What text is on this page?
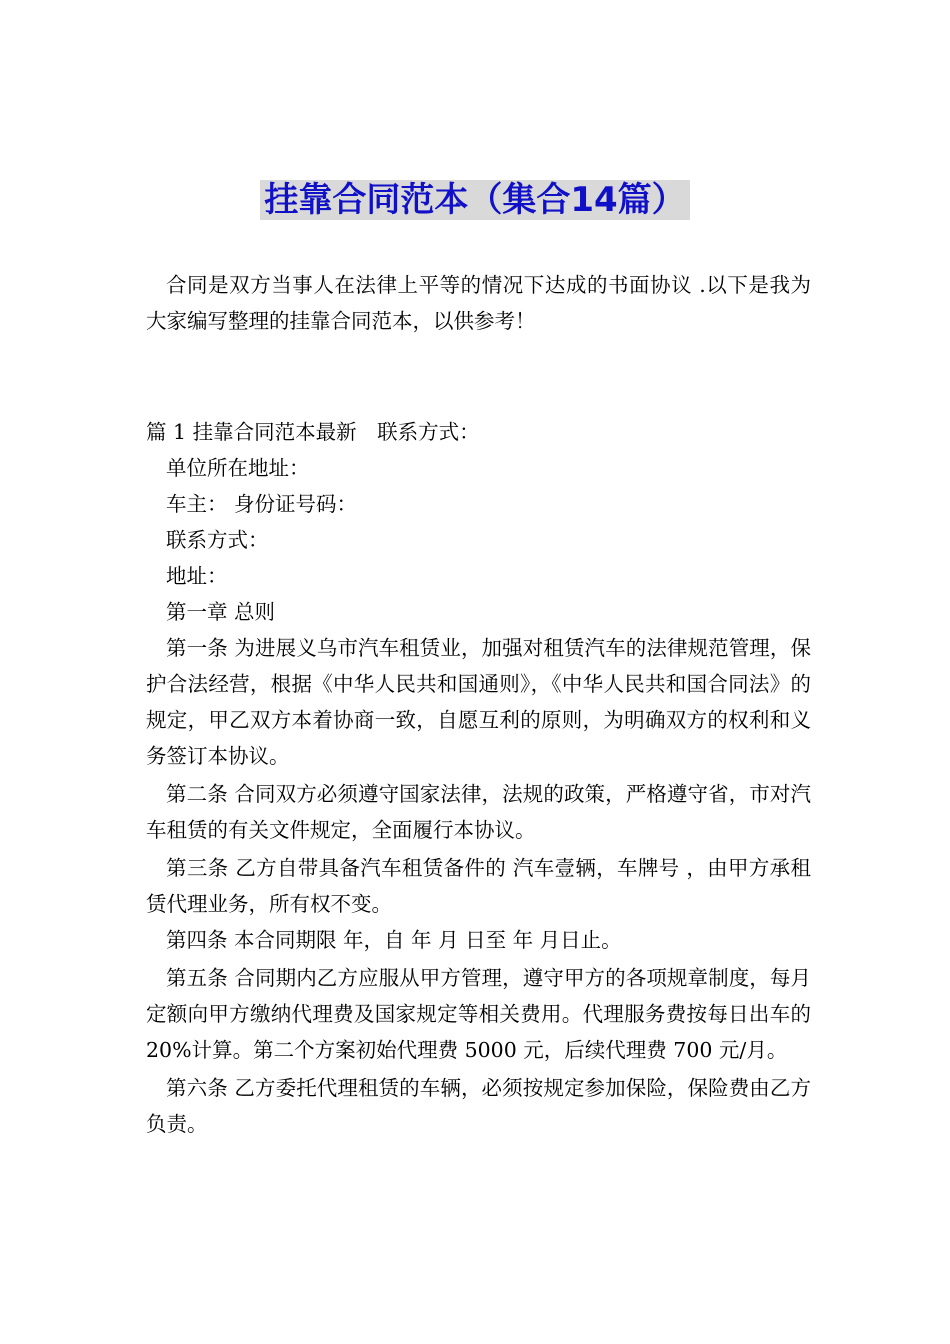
挂靠合同范本（集合14篇）

合同是双方当事人在法律上平等的情况下达成的书面协议 .以下是我为大家编写整理的挂靠合同范本，以供参考！

篇 1 挂靠合同范本最新　联系方式：

单位所在地址：

车主： 身份证号码：

联系方式：

地址：

第一章 总则

第一条 为进展义乌市汽车租赁业，加强对租赁汽车的法律规范管理，保护合法经营，根据《中华人民共和国通则》，《中华人民共和国合同法》的规定，甲乙双方本着协商一致，自愿互利的原则，为明确双方的权利和义务签订本协议。

第二条 合同双方必须遵守国家法律，法规的政策，严格遵守省，市对汽车租赁的有关文件规定，全面履行本协议。

第三条 乙方自带具备汽车租赁备件的 汽车壹辆，车牌号 ，由甲方承租赁代理业务，所有权不变。

第四条 本合同期限 年，自 年 月 日至 年 月日止。

第五条 合同期内乙方应服从甲方管理，遵守甲方的各项规章制度，每月定额向甲方缴纳代理费及国家规定等相关费用。代理服务费按每日出车的 20%计算。第二个方案初始代理费 5000 元，后续代理费 700 元/月。

第六条 乙方委托代理租赁的车辆，必须按规定参加保险，保险费由乙方负责。
